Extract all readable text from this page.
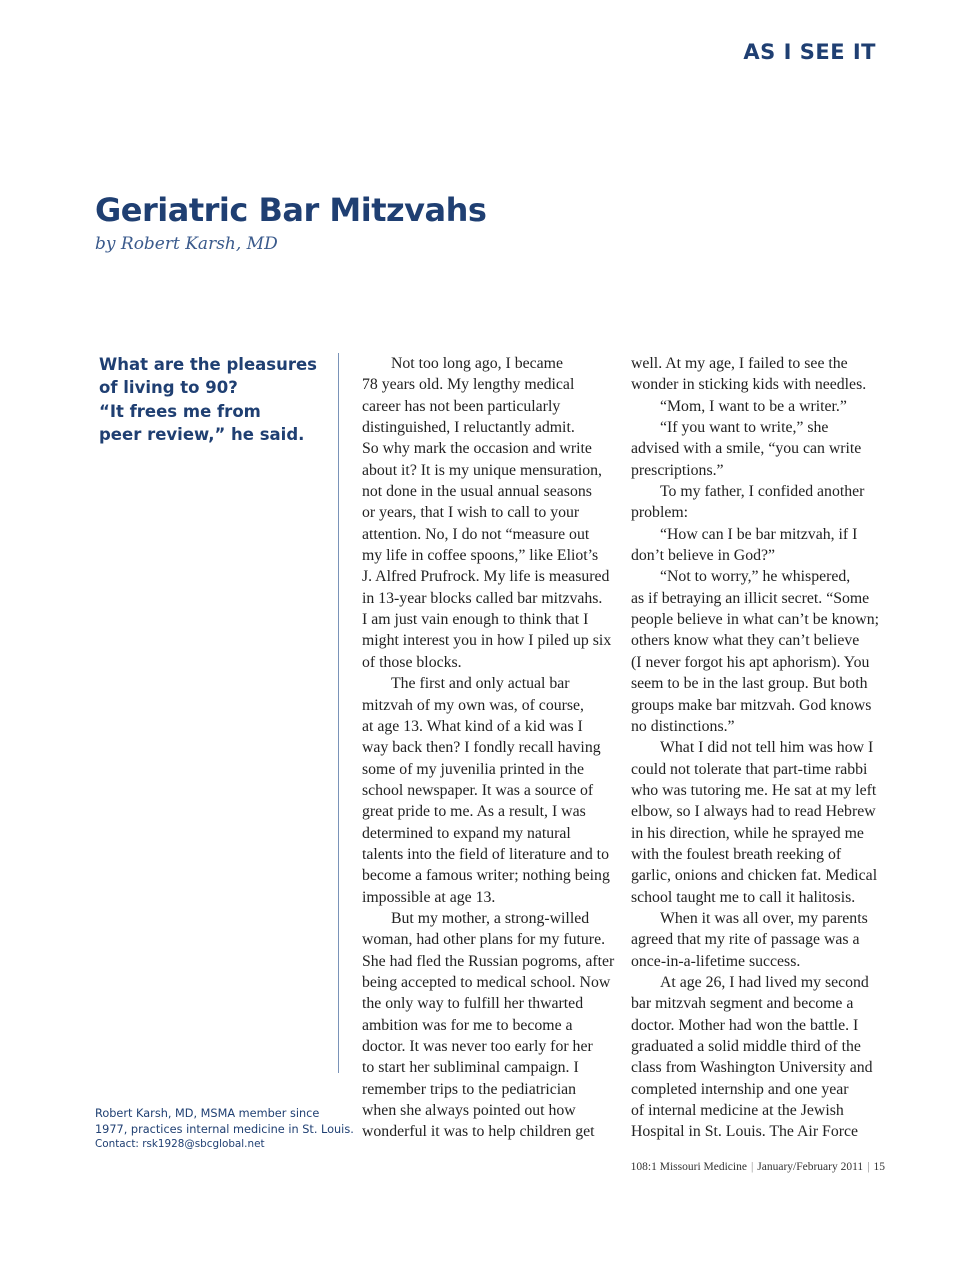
AS I SEE IT
Geriatric Bar Mitzvahs
by Robert Karsh, MD
What are the pleasures
of living to 90?
“It frees me from
peer review,” he said.
Not too long ago, I became
78 years old. My lengthy medical
career has not been particularly
distinguished, I reluctantly admit.
So why mark the occasion and write
about it? It is my unique mensuration,
not done in the usual annual seasons
or years, that I wish to call to your
attention. No, I do not “measure out
my life in coffee spoons,” like Eliot’s
J. Alfred Prufrock. My life is measured
in 13-year blocks called bar mitzvahs.
I am just vain enough to think that I
might interest you in how I piled up six
of those blocks.
The first and only actual bar
mitzvah of my own was, of course,
at age 13. What kind of a kid was I
way back then? I fondly recall having
some of my juvenilia printed in the
school newspaper. It was a source of
great pride to me. As a result, I was
determined to expand my natural
talents into the field of literature and to
become a famous writer; nothing being
impossible at age 13.
But my mother, a strong-willed
woman, had other plans for my future.
She had fled the Russian pogroms, after
being accepted to medical school. Now
the only way to fulfill her thwarted
ambition was for me to become a
doctor. It was never too early for her
to start her subliminal campaign. I
remember trips to the pediatrician
when she always pointed out how
wonderful it was to help children get
well. At my age, I failed to see the
wonder in sticking kids with needles.
“Mom, I want to be a writer.”
“If you want to write,” she
advised with a smile, “you can write
prescriptions.”
To my father, I confided another
problem:
“How can I be bar mitzvah, if I
don’t believe in God?”
“Not to worry,” he whispered,
as if betraying an illicit secret. “Some
people believe in what can’t be known;
others know what they can’t believe
(I never forgot his apt aphorism). You
seem to be in the last group. But both
groups make bar mitzvah. God knows
no distinctions.”
What I did not tell him was how I
could not tolerate that part-time rabbi
who was tutoring me. He sat at my left
elbow, so I always had to read Hebrew
in his direction, while he sprayed me
with the foulest breath reeking of
garlic, onions and chicken fat. Medical
school taught me to call it halitosis.
When it was all over, my parents
agreed that my rite of passage was a
once-in-a-lifetime success.
At age 26, I had lived my second
bar mitzvah segment and become a
doctor. Mother had won the battle. I
graduated a solid middle third of the
class from Washington University and
completed internship and one year
of internal medicine at the Jewish
Hospital in St. Louis. The Air Force
Robert Karsh, MD, MSMA member since
1977, practices internal medicine in St. Louis.
Contact: rsk1928@sbcglobal.net
108:1 Missouri Medicine | January/February 2011 | 15
